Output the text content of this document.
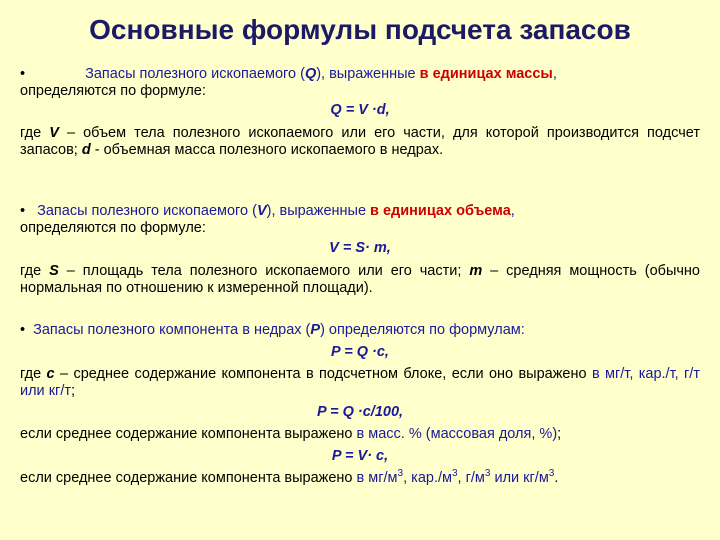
Основные формулы подсчета запасов

•	Запасы полезного ископаемого (Q), выраженные в единицах массы,
определяются по формуле:

Q = V ·d,

где V – объем тела полезного ископаемого или его части, для которой производится подсчет запасов; d - объемная масса полезного ископаемого в недрах.

• Запасы полезного ископаемого (V), выраженные в единицах объема,
определяются по формуле:

V = S· m,

где S – площадь тела полезного ископаемого или его части; m – средняя мощность (обычно нормальная по отношению к измеренной площади).

• Запасы полезного компонента в недрах (P) определяются по формулам:

P = Q ·c,

где c – среднее содержание компонента в подсчетном блоке, если оно выражено в мг/т, кар./т, г/т или кг/т;

P = Q ·c/100,

если среднее содержание компонента выражено в масс. % (массовая доля, %);

P = V· c,

если среднее содержание компонента выражено в $мг/м^3$, $кар./м^3$, $г/м^3$ или $кг/м^3$.
